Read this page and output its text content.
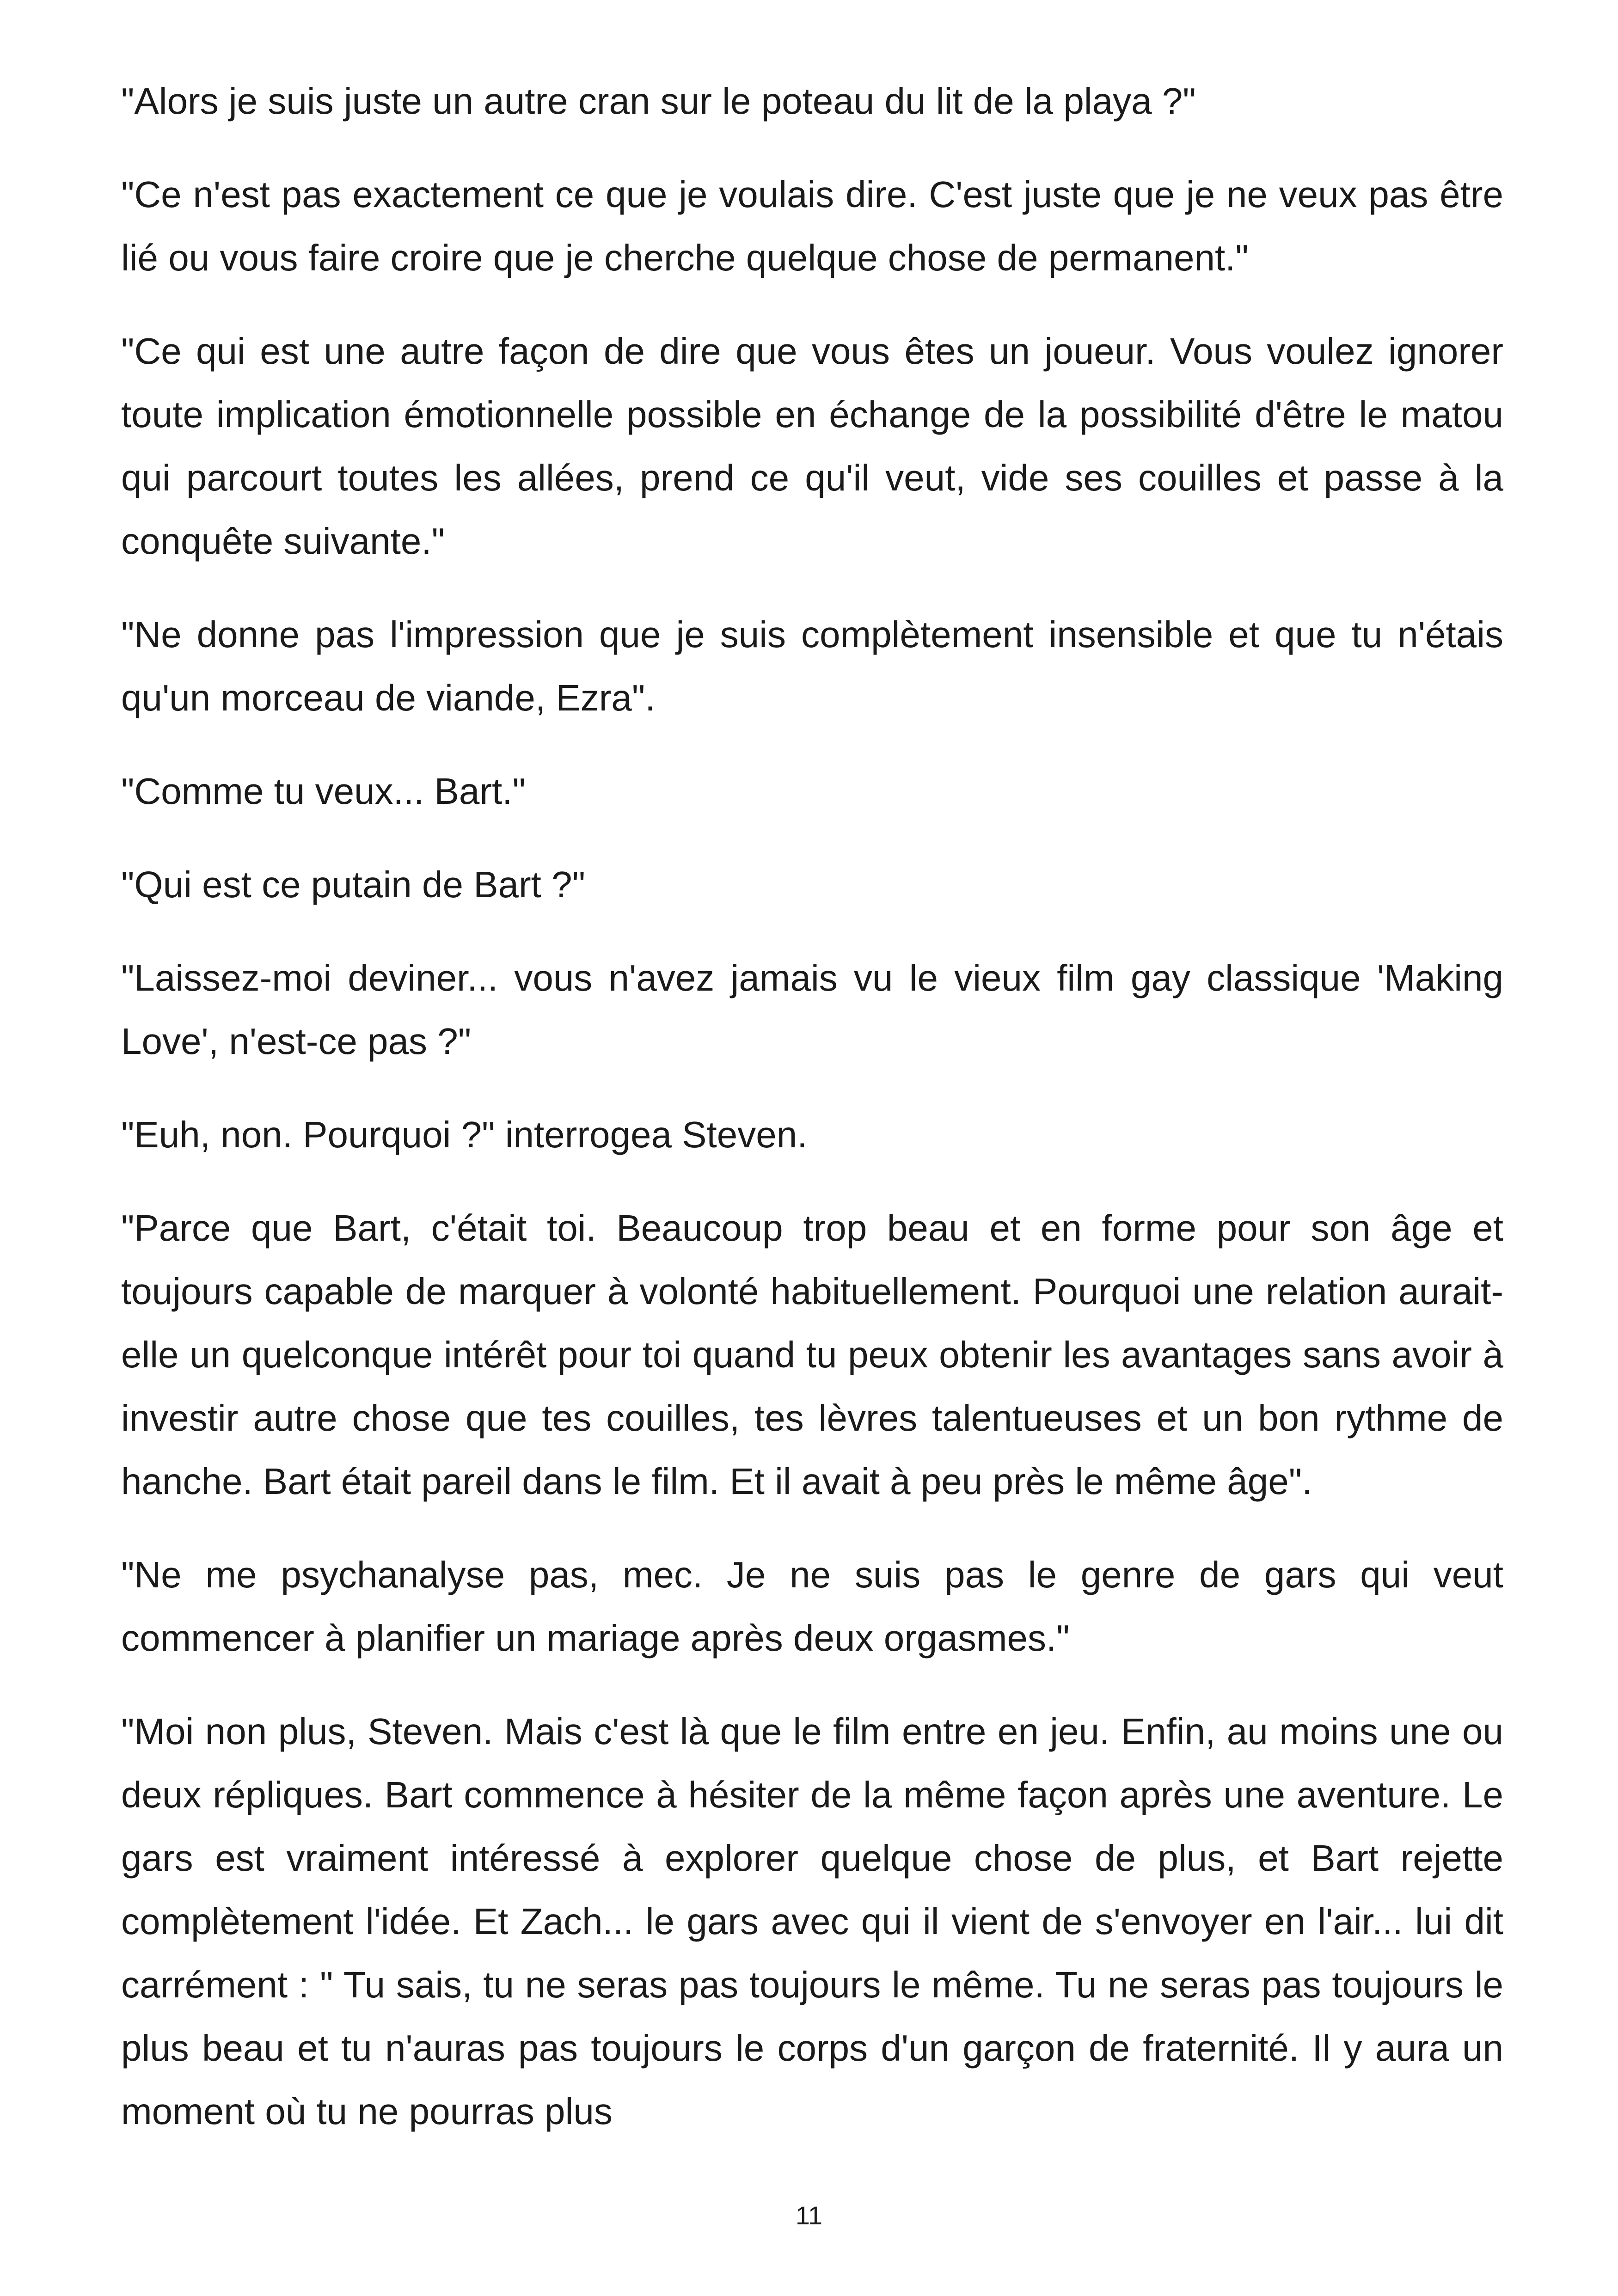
"Alors je suis juste un autre cran sur le poteau du lit de la playa ?"

"Ce n'est pas exactement ce que je voulais dire. C'est juste que je ne veux pas être lié ou vous faire croire que je cherche quelque chose de permanent."

"Ce qui est une autre façon de dire que vous êtes un joueur. Vous voulez ignorer toute implication émotionnelle possible en échange de la possibilité d'être le matou qui parcourt toutes les allées, prend ce qu'il veut, vide ses couilles et passe à la conquête suivante."

"Ne donne pas l'impression que je suis complètement insensible et que tu n'étais qu'un morceau de viande, Ezra".

"Comme tu veux... Bart."

"Qui est ce putain de Bart ?"

"Laissez-moi deviner... vous n'avez jamais vu le vieux film gay classique 'Making Love', n'est-ce pas ?"

"Euh, non. Pourquoi ?" interrogea Steven.

"Parce que Bart, c'était toi. Beaucoup trop beau et en forme pour son âge et toujours capable de marquer à volonté habituellement. Pourquoi une relation aurait-elle un quelconque intérêt pour toi quand tu peux obtenir les avantages sans avoir à investir autre chose que tes couilles, tes lèvres talentueuses et un bon rythme de hanche. Bart était pareil dans le film. Et il avait à peu près le même âge".

"Ne me psychanalyse pas, mec. Je ne suis pas le genre de gars qui veut commencer à planifier un mariage après deux orgasmes."

"Moi non plus, Steven. Mais c'est là que le film entre en jeu. Enfin, au moins une ou deux répliques. Bart commence à hésiter de la même façon après une aventure. Le gars est vraiment intéressé à explorer quelque chose de plus, et Bart rejette complètement l'idée. Et Zach... le gars avec qui il vient de s'envoyer en l'air... lui dit carrément : " Tu sais, tu ne seras pas toujours le même. Tu ne seras pas toujours le plus beau et tu n'auras pas toujours le corps d'un garçon de fraternité. Il y aura un moment où tu ne pourras plus

11
